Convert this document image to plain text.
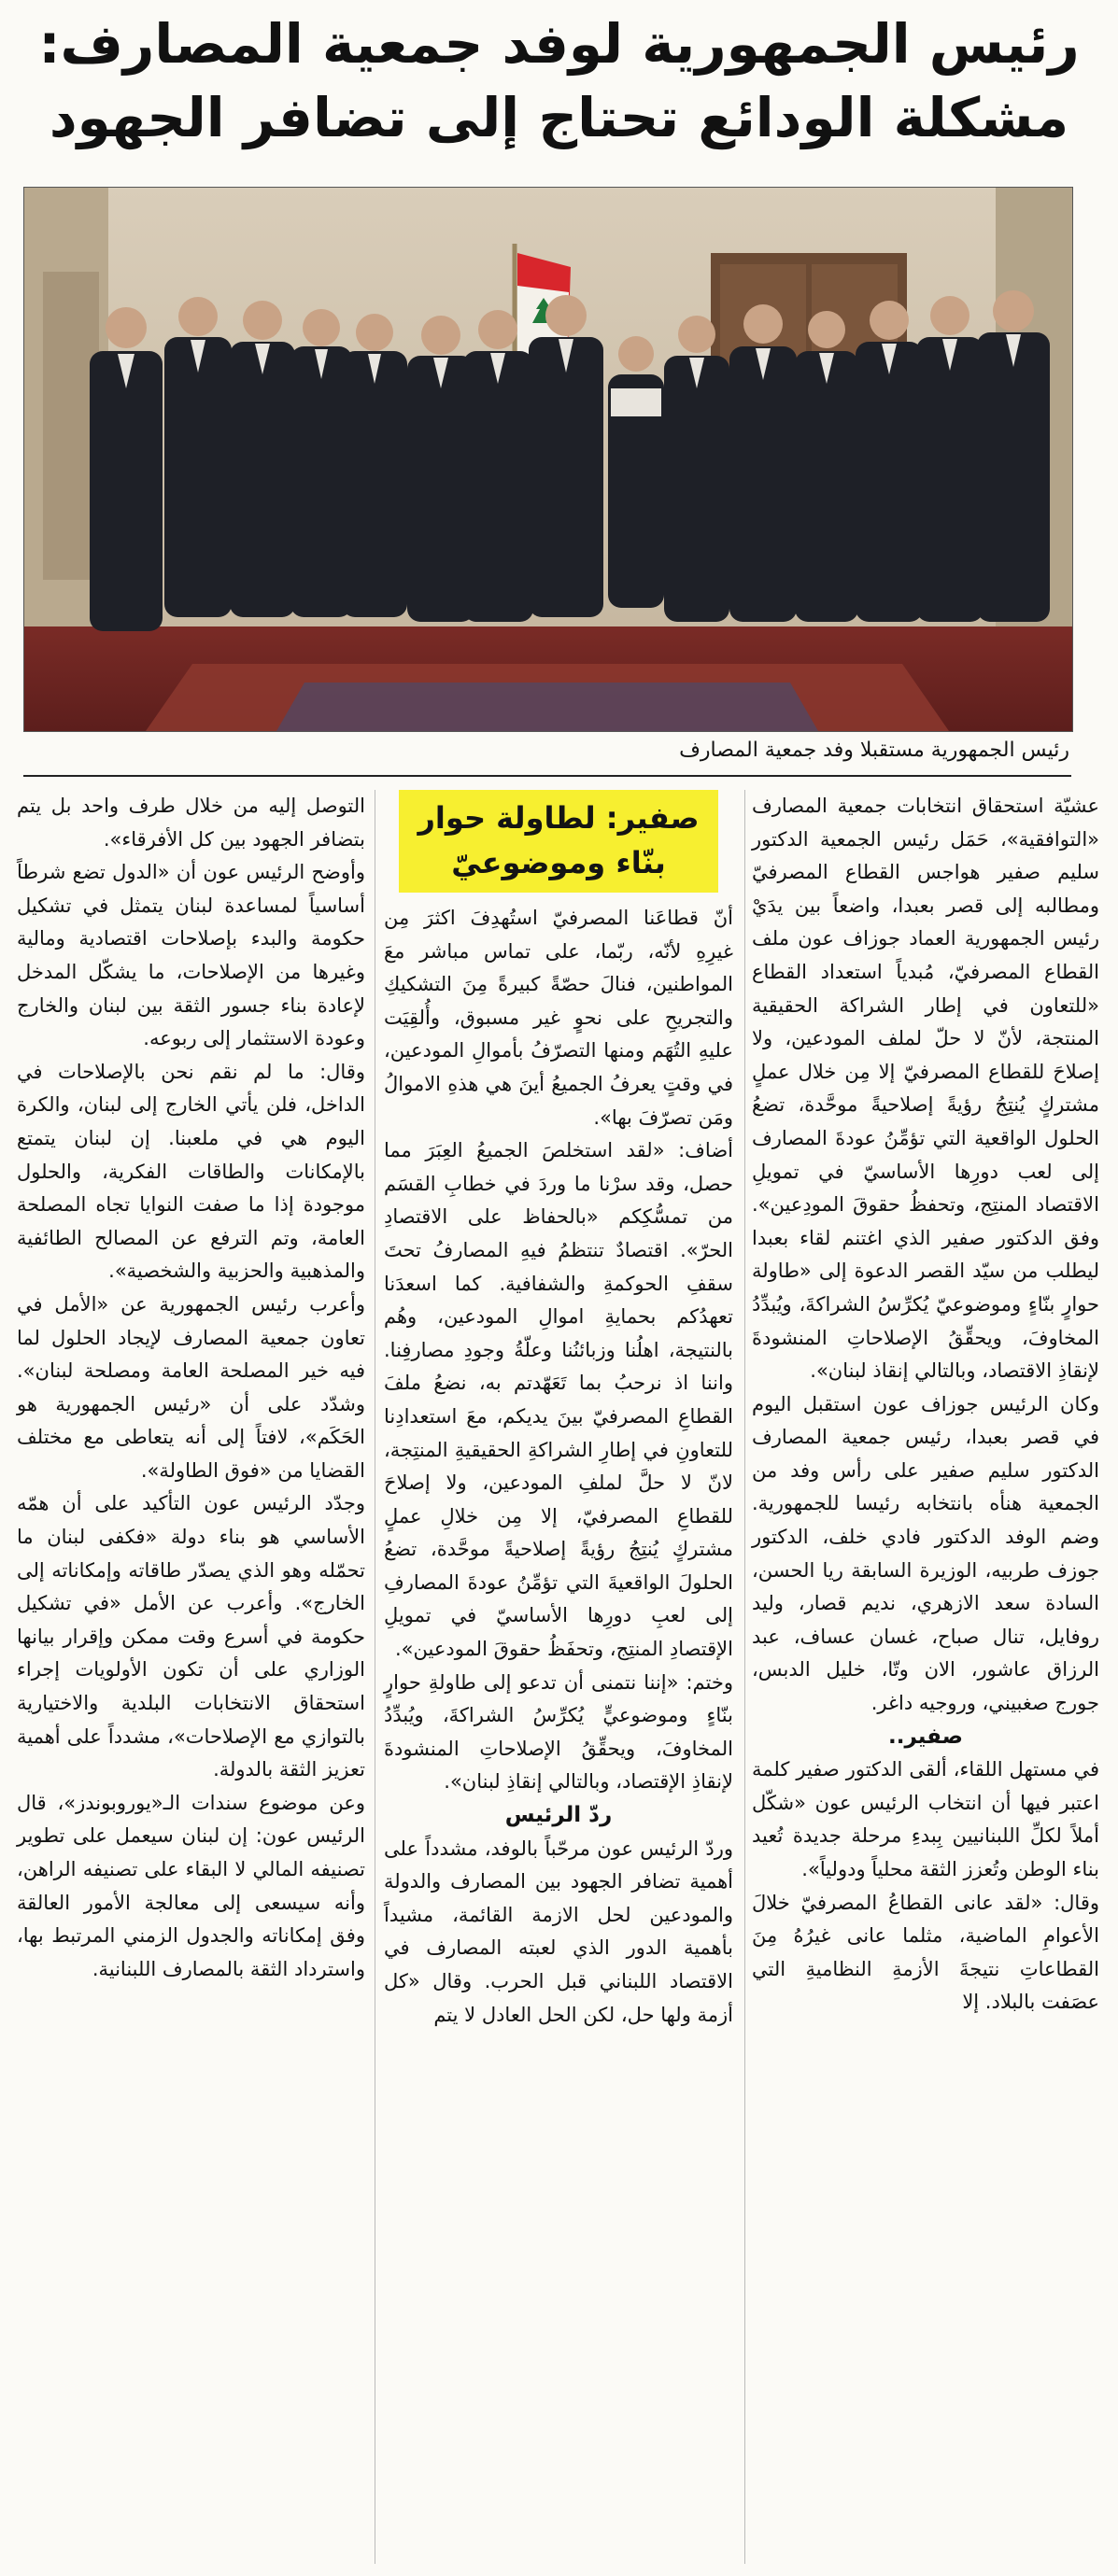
رئيس الجمهورية لوفد جمعية المصارف:
مشكلة الودائع تحتاج إلى تضافر الجهود
رئيس الجمهورية مستقبلا وفد جمعية المصارف

عشيّة استحقاق انتخابات جمعية المصارف «التوافقية»، حَمَل رئيس الجمعية الدكتور سليم صفير هواجس القطاع المصرفيّ ومطالبه إلى قصر بعبدا، واضعاً بين يدَيْ رئيس الجمهورية العماد جوزاف عون ملف القطاع المصرفيّ، مُبدياً استعداد القطاع «للتعاون في إطار الشراكة الحقيقية المنتجة، لأنّ لا حلّ لملف المودعين، ولا إصلاحَ للقطاع المصرفيّ إلا مِن خلال عملٍ مشتركٍ يُنتِجُ رؤيةً إصلاحيةً موحَّدة، تضعُ الحلول الواقعية التي تؤمِّنُ عودةَ المصارف إلى لعب دورِها الأساسيّ في تمويلِ الاقتصاد المنتِج، وتحفظُ حقوقَ المودِعين». وفق الدكتور صفير الذي اغتنم لقاء بعبدا ليطلب من سيّد القصر الدعوة إلى «طاولة حوارٍ بنّاءٍ وموضوعيّ يُكرِّسُ الشراكةَ، ويُبدِّدُ المخاوفَ، ويحقِّقُ الإصلاحاتِ المنشودةَ لإنقاذِ الاقتصاد، وبالتالي إنقاذ لبنان».

وكان الرئيس جوزاف عون استقبل اليوم في قصر بعبدا، رئيس جمعية المصارف الدكتور سليم صفير على رأس وفد من الجمعية هنأه بانتخابه رئيسا للجمهورية. وضم الوفد الدكتور فادي خلف، الدكتور جوزف طربيه، الوزيرة السابقة ريا الحسن، السادة سعد الازهري، نديم قصار، وليد روفايل، تنال صباح، غسان عساف، عبد الرزاق عاشور، الان وتّا، خليل الدبس، جورج صغبيني، وروجيه داغر.

صفير..

في مستهل اللقاء، ألقى الدكتور صفير كلمة اعتبر فيها أن انتخاب الرئيس عون «شكّل أملاً لكلِّ اللبنانيين بِبدءِ مرحلة جديدة تُعيد بناء الوطن وتُعزز الثقة محلياً ودولياً».

وقال: «لقد عانى القطاعُ المصرفيّ خلالَ الأعوامِ الماضية، مثلما عانى غيرُهُ مِنَ القطاعاتِ نتيجةَ الأزمةِ النظاميةِ التي عصَفت بالبلاد. إلا

صفير: لطاولة حوار
بنّاء وموضوعيّ

أنّ قطاعَنا المصرفيّ استُهدِفَ اكثرَ مِن غيرِهِ لأنّه، ربّما، على تماس مباشر معَ المواطنين، فنالَ حصّةً كبيرةً مِنَ التشكيكِ والتجريحِ على نحوٍ غير مسبوق، وأُلقِيَت عليهِ التُهَم ومنها التصرّفُ بأموالِ المودعين، في وقتٍ يعرفُ الجميعُ أينَ هي هذهِ الاموالُ ومَن تصرّفَ بها».

أضاف: «لقد استخلصَ الجميعُ العِبَرَ مما حصل، وقد سرْنا ما وردَ في خطابِ القسَم من تمسُّكِكم «بالحفاظ على الاقتصادِ الحرّ». اقتصادٌ تنتظمُ فيهِ المصارفُ تحتَ سقفِ الحوكمةِ والشفافية. كما اسعدَنا تعهدُكم بحمايةِ اموالِ المودعين، وهُم بالنتيجة، اهلُنا وزبائنُنا وعلّةُ وجودِ مصارفِنا. واننا اذ نرحبُ بما تَعَهّدتم به، نضعُ ملفَ القطاعِ المصرفيّ بينَ يديكم، معَ استعدادِنا للتعاونِ في إطارِ الشراكةِ الحقيقيةِ المنتِجة، لانّ لا حلَّ لملفِ المودعين، ولا إصلاحَ للقطاعِ المصرفيّ، إلا مِن خلالِ عملٍ مشتركٍ يُنتِجُ رؤيةً إصلاحيةً موحَّدة، تضعُ الحلولَ الواقعيةَ التي تؤمِّنُ عودةَ المصارفِ إلى لعبِ دورِها الأساسيّ في تمويلِ الإقتصادِ المنتِج، وتحفَظُ حقوقَ المودعين».

وختم: «إننا نتمنى أن تدعو إلى طاولةِ حوارٍ بنّاءٍ وموضوعيٍّ يُكرِّسُ الشراكةَ، ويُبدِّدُ المخاوفَ، ويحقِّقُ الإصلاحاتِ المنشودةَ لإنقاذِ الإقتصاد، وبالتالي إنقاذِ لبنان».

ردّ الرئيس

وردّ الرئيس عون مرحّباً بالوفد، مشدداً على أهمية تضافر الجهود بين المصارف والدولة والمودعين لحل الازمة القائمة، مشيداً بأهمية الدور الذي لعبته المصارف في الاقتصاد اللبناني قبل الحرب. وقال «كل أزمة ولها حل، لكن الحل العادل لا يتم

التوصل إليه من خلال طرف واحد بل يتم بتضافر الجهود بين كل الأفرقاء».

وأوضح الرئيس عون أن «الدول تضع شرطاً أساسياً لمساعدة لبنان يتمثل في تشكيل حكومة والبدء بإصلاحات اقتصادية ومالية وغيرها من الإصلاحات، ما يشكّل المدخل لإعادة بناء جسور الثقة بين لبنان والخارج وعودة الاستثمار إلى ربوعه.

وقال: ما لم نقم نحن بالإصلاحات في الداخل، فلن يأتي الخارج إلى لبنان، والكرة اليوم هي في ملعبنا. إن لبنان يتمتع بالإمكانات والطاقات الفكرية، والحلول موجودة إذا ما صفت النوايا تجاه المصلحة العامة، وتم الترفع عن المصالح الطائفية والمذهبية والحزبية والشخصية».

وأعرب رئيس الجمهورية عن «الأمل في تعاون جمعية المصارف لإيجاد الحلول لما فيه خير المصلحة العامة ومصلحة لبنان». وشدّد على أن «رئيس الجمهورية هو الحَكَم»، لافتاً إلى أنه يتعاطى مع مختلف القضايا من «فوق الطاولة».

وجدّد الرئيس عون التأكيد على أن همّه الأساسي هو بناء دولة «فكفى لبنان ما تحمّله وهو الذي يصدّر طاقاته وإمكاناته إلى الخارج». وأعرب عن الأمل «في تشكيل حكومة في أسرع وقت ممكن وإقرار بيانها الوزاري على أن تكون الأولويات إجراء استحقاق الانتخابات البلدية والاختيارية بالتوازي مع الإصلاحات»، مشدداً على أهمية تعزيز الثقة بالدولة.

وعن موضوع سندات الـ«يوروبوندز»، قال الرئيس عون: إن لبنان سيعمل على تطوير تصنيفه المالي لا البقاء على تصنيفه الراهن، وأنه سيسعى إلى معالجة الأمور العالقة وفق إمكاناته والجدول الزمني المرتبط بها، واسترداد الثقة بالمصارف اللبنانية.
